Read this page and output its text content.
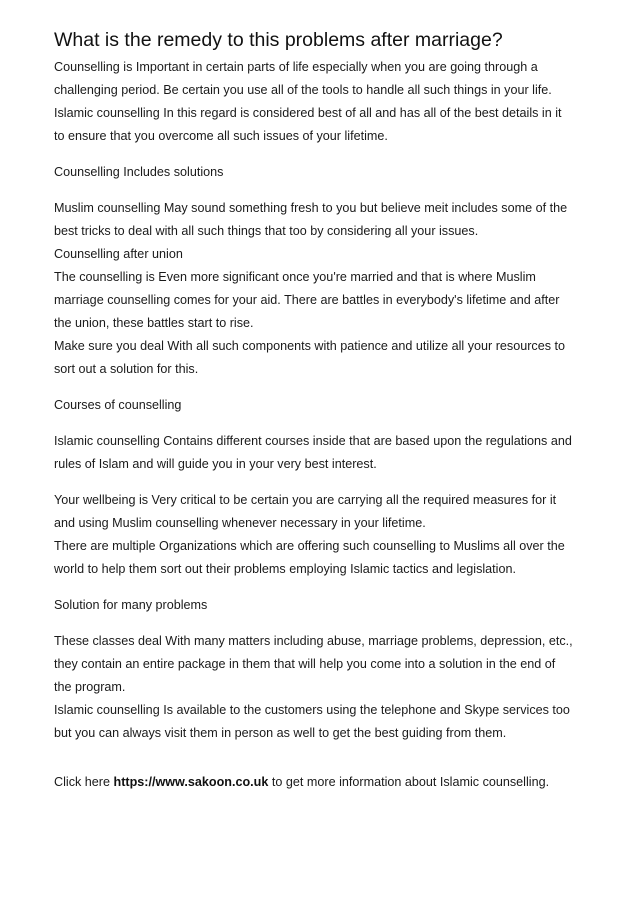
What is the remedy to this problems after marriage?
Counselling is Important in certain parts of life especially when you are going through a
challenging period. Be certain you use all of the tools to handle all such things in your life.
Islamic counselling In this regard is considered best of all and has all of the best details in it
to ensure that you overcome all such issues of your lifetime.
Counselling Includes solutions
Muslim counselling May sound something fresh to you but believe meit includes some of the
best tricks to deal with all such things that too by considering all your issues.
Counselling after union
The counselling is Even more significant once you're married and that is where Muslim
marriage counselling comes for your aid. There are battles in everybody's lifetime and after
the union, these battles start to rise.
Make sure you deal With all such components with patience and utilize all your resources to
sort out a solution for this.
Courses of counselling
Islamic counselling Contains different courses inside that are based upon the regulations and
rules of Islam and will guide you in your very best interest.
Your wellbeing is Very critical to be certain you are carrying all the required measures for it
and using Muslim counselling whenever necessary in your lifetime.
There are multiple Organizations which are offering such counselling to Muslims all over the
world to help them sort out their problems employing Islamic tactics and legislation.
Solution for many problems
These classes deal With many matters including abuse, marriage problems, depression, etc.,
they contain an entire package in them that will help you come into a solution in the end of
the program.
Islamic counselling Is available to the customers using the telephone and Skype services too
but you can always visit them in person as well to get the best guiding from them.
Click here https://www.sakoon.co.uk to get more information about Islamic counselling.
